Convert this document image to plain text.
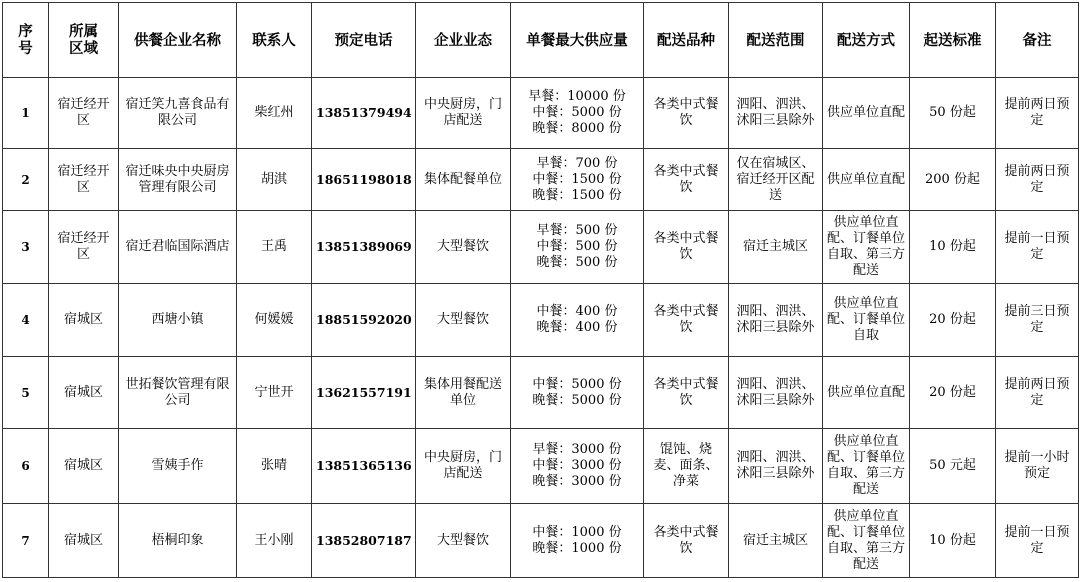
序号	所属区域	供餐企业名称	联系人	预定电话	企业业态	单餐最大供应量	配送品种	配送范围	配送方式	起送标准	备注
1	宿迁经开区	宿迁笑九喜食品有限公司	柴红州	13851379494	中央厨房，门店配送	早餐：10000 份
中餐：5000 份
晚餐：8000 份	各类中式餐饮	泗阳、泗洪、沭阳三县除外	供应单位直配	50 份起	提前两日预定
2	宿迁经开区	宿迁味央中央厨房管理有限公司	胡淇	18651198018	集体配餐单位	早餐：700 份
中餐：1500 份
晚餐：1500 份	各类中式餐饮	仅在宿城区、宿迁经开区配送	供应单位直配	200 份起	提前两日预定
3	宿迁经开区	宿迁君临国际酒店	王禹	13851389069	大型餐饮	早餐：500 份
中餐：500 份
晚餐：500 份	各类中式餐饮	宿迁主城区	供应单位直配、订餐单位自取、第三方配送	10 份起	提前一日预定
4	宿城区	西塘小镇	何媛媛	18851592020	大型餐饮	中餐：400 份
晚餐：400 份	各类中式餐饮	泗阳、泗洪、沭阳三县除外	供应单位直配、订餐单位自取	20 份起	提前三日预定
5	宿城区	世拓餐饮管理有限公司	宁世开	13621557191	集体用餐配送单位	中餐：5000 份
晚餐：5000 份	各类中式餐饮	泗阳、泗洪、沭阳三县除外	供应单位直配	20 份起	提前两日预定
6	宿城区	雪姨手作	张晴	13851365136	中央厨房，门店配送	早餐：3000 份
中餐：3000 份
晚餐：3000 份	馄饨、烧麦、面条、净菜	泗阳、泗洪、沭阳三县除外	供应单位直配、订餐单位自取、第三方配送	50 元起	提前一小时预定
7	宿城区	梧桐印象	王小刚	13852807187	大型餐饮	中餐：1000 份
晚餐：1000 份	各类中式餐饮	宿迁主城区	供应单位直配、订餐单位自取、第三方配送	10 份起	提前一日预定
